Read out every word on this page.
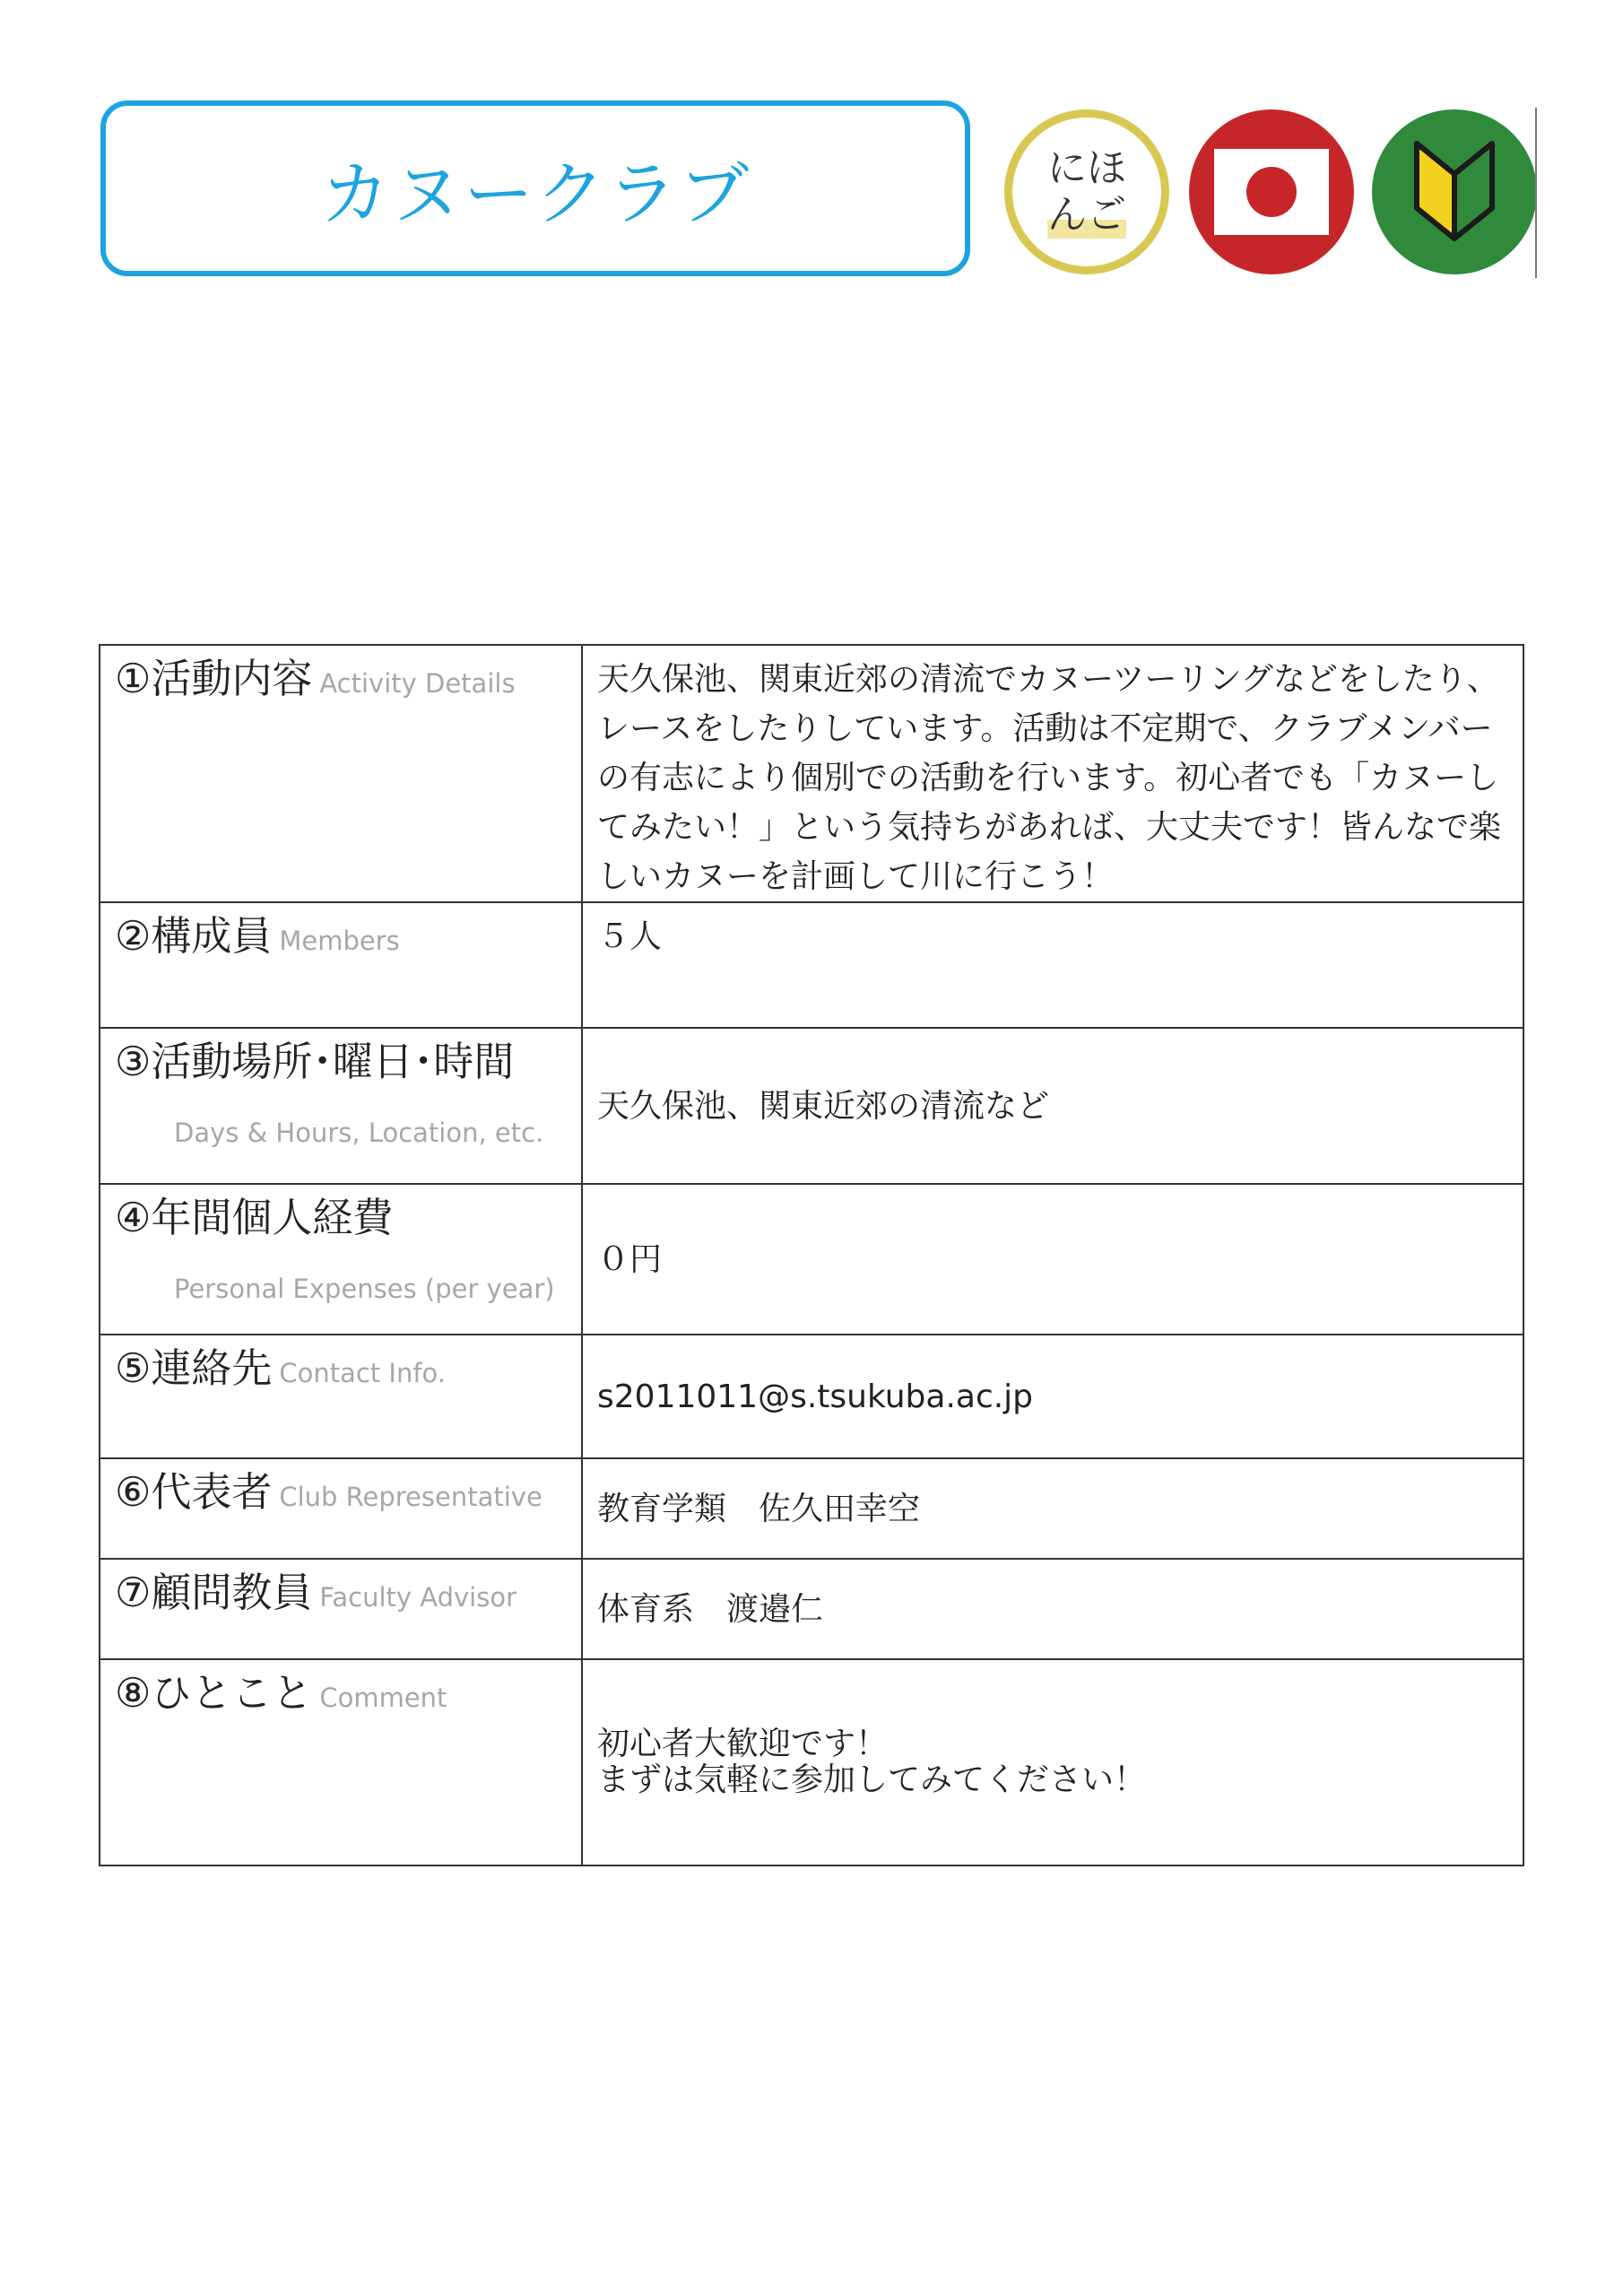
カヌークラブ	にほ
んご
①活動内容 Activity Details	天久保池、関東近郊の清流でカヌーツーリングなどをしたり、
レースをしたりしています。活動は不定期で、クラブメンバー
の有志により個別での活動を行います。初心者でも「カヌーし
てみたい！」という気持ちがあれば、大丈夫です！皆んなで楽
しいカヌーを計画して川に行こう！

②構成員 Members	５人
③活動場所･曜日･時間
Days & Hours, Location, etc.	天久保池、関東近郊の清流など
④年間個人経費
Personal Expenses (per year)	０円
⑤連絡先 Contact Info.	s2011011@s.tsukuba.ac.jp
⑥代表者 Club Representative	教育学類　佐久田幸空
⑦顧問教員 Faculty Advisor	体育系　渡邉仁
⑧ひとこと Comment	初心者大歓迎です！
まずは気軽に参加してみてください！
